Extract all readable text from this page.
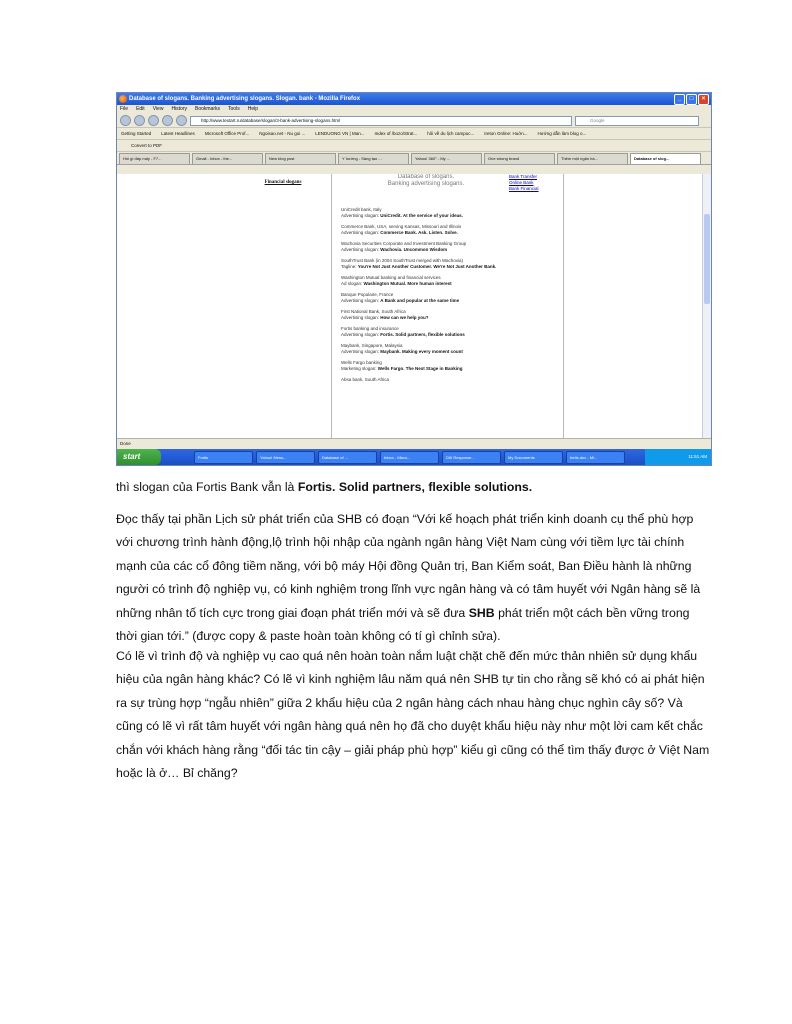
Database of slogans. Banking advertising slogans. Slogan. bank - Mozilla Firefox	_	□	×
File Edit View History Bookmarks Tools Help
http://www.textart.ru/database/slogan/3-bank-advertising-slogans.html	Google
Getting Started Latest Headlines Microsoft Office Prof... Ngoisao.net - Nu goi ... LENDUONG VN | Man... Index of /bozo/Strat... hôi về du lịch campuc... Ireton Online: Huớn... Hướng dẫn làm blog o...
Convert to PDF
Hồi gì đáp mấy - F7...	Gmail - Inbox - the...	New blog post	Y hướng - Sáng tạo ...	Yahoo! 360° - My ...	One strong brand	Thêm một ngân hà...	Database of slog...
Financial slogans
Bank Transfer
Online Bank
Bank Financial
Database of slogans.
Banking advertising slogans.
UniCredit bank, Italy
Advertising slogan: UniCredit. At the service of your ideas.
Commerce Bank, USA, serving Kansas, Missouri and Illinois
Advertising slogan: Commerce Bank. Ask. Listen. Solve.
Wachovia Securities Corporate and Investment Banking Group
Advertising slogan: Wachovia. Uncommon Wisdom
SouthTrust Bank (in 2004 SouthTrust merged with Wachovia)
Tagline: You're Not Just Another Customer. We're Not Just Another Bank.
Washington Mutual banking and financial services
Ad slogan: Washington Mutual. More human interest
Banque Populaire, France
Advertising slogan: A Bank and popular at the same time
First National Bank, South Africa
Advertising slogan: How can we help you?
Fortis banking and insurance
Advertising slogan: Fortis. Solid partners, flexible solutions
Maybank, Singapore, Malaysia
Advertising slogan: Maybank. Making every moment count
Wells Fargo banking
Marketing slogan: Wells Fargo. The Next Stage in Banking
Absa bank, South Africa
Done
start	Fortis	Yahoo! Mess...	Database of ...	Inbox - Micro...	DIII Response...	My Documents	fortis.doc - Mi...	11:51 AM

thì slogan của Fortis Bank vẫn là Fortis. Solid partners, flexible solutions.

Đọc thấy tại phần Lịch sử phát triển của SHB có đoạn “Với kế hoạch phát triển kinh doanh cụ thể phù hợp với chương trình hành động,lộ trình hội nhập của ngành ngân hàng Việt Nam cùng với tiềm lực tài chính mạnh của các cổ đông tiềm năng, với bộ máy Hội đồng Quản trị, Ban Kiểm soát, Ban Điều hành là những người có trình độ nghiệp vụ, có kinh nghiệm trong lĩnh vực ngân hàng và có tâm huyết với Ngân hàng sẽ là những nhân tố tích cực trong giai đoạn phát triển mới và sẽ đưa SHB phát triển một cách bền vững trong thời gian tới.” (được copy & paste hoàn toàn không có tí gì chỉnh sửa).

Có lẽ vì trình độ và nghiệp vụ cao quá nên hoàn toàn nắm luật chặt chẽ đến mức thản nhiên sử dụng khẩu hiệu của ngân hàng khác? Có lẽ vì kinh nghiệm lâu năm quá nên SHB tự tin cho rằng sẽ khó có ai phát hiện ra sự trùng hợp “ngẫu nhiên” giữa 2 khẩu hiệu của 2 ngân hàng cách nhau hàng chục nghìn cây số? Và cũng có lẽ vì rất tâm huyết với ngân hàng quá nên họ đã cho duyệt khẩu hiệu này như một lời cam kết chắc chắn với khách hàng rằng “đối tác tin cậy – giải pháp phù hợp” kiểu gì cũng có thể tìm thấy được ở Việt Nam hoặc là ở… Bỉ chăng?
